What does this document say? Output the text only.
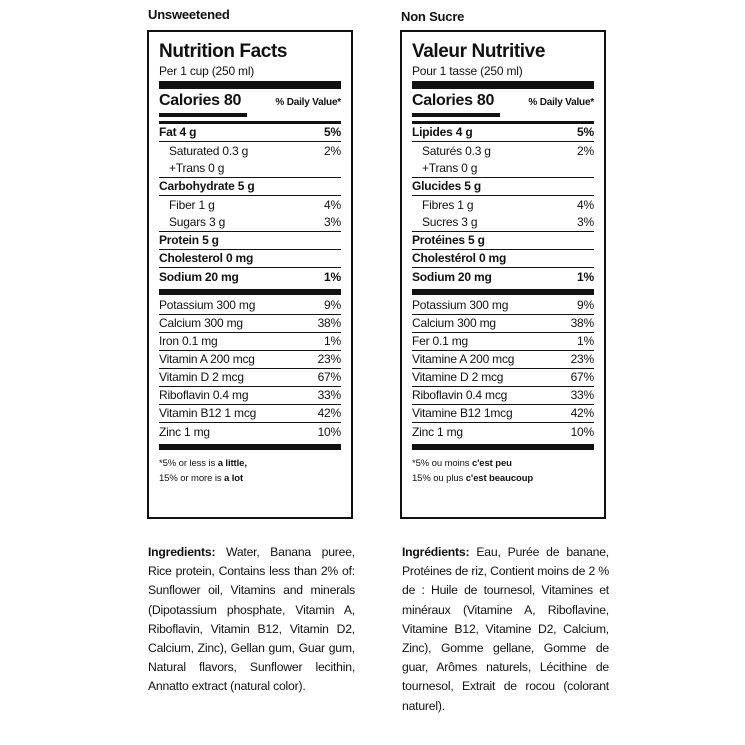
Unsweetened
Nutrition Facts
Per 1 cup (250 ml)
Calories 80	% Daily Value*
Fat 4 g	5%
Saturated 0.3 g	2%
+Trans 0 g
Carbohydrate 5 g
Fiber 1 g	4%
Sugars 3 g	3%
Protein 5 g
Cholesterol 0 mg
Sodium 20 mg	1%
Potassium 300 mg	9%
Calcium 300 mg	38%
Iron 0.1 mg	1%
Vitamin A 200 mcg	23%
Vitamin D 2 mcg	67%
Riboflavin 0.4 mg	33%
Vitamin B12 1 mcg	42%
Zinc 1 mg	10%
*5% or less is a little,
15% or more is a lot
Ingredients: Water, Banana puree, Rice protein, Contains less than 2% of: Sunflower oil, Vitamins and minerals (Dipotassium phosphate, Vitamin A, Riboflavin, Vitamin B12, Vitamin D2, Calcium, Zinc), Gellan gum, Guar gum, Natural flavors, Sunflower lecithin, Annatto extract (natural color).
Non Sucre
Valeur Nutritive
Pour 1 tasse (250 ml)
Calories 80	% Daily Value*
Lipides 4 g	5%
Saturés 0.3 g	2%
+Trans 0 g
Glucides 5 g
Fibres 1 g	4%
Sucres 3 g	3%
Protéines 5 g
Cholestérol 0 mg
Sodium 20 mg	1%
Potassium 300 mg	9%
Calcium 300 mg	38%
Fer 0.1 mg	1%
Vitamine A 200 mcg	23%
Vitamine D 2 mcg	67%
Riboflavin 0.4 mcg	33%
Vitamine B12 1mcg	42%
Zinc 1 mg	10%
*5% ou moins c'est peu
15% ou plus c'est beaucoup
Ingrédients: Eau, Purée de banane, Protéines de riz, Contient moins de 2 % de : Huile de tournesol, Vitamines et minéraux (Vitamine A, Riboflavine, Vitamine B12, Vitamine D2, Calcium, Zinc), Gomme gellane, Gomme de guar, Arômes naturels, Lécithine de tournesol, Extrait de rocou (colorant naturel).
